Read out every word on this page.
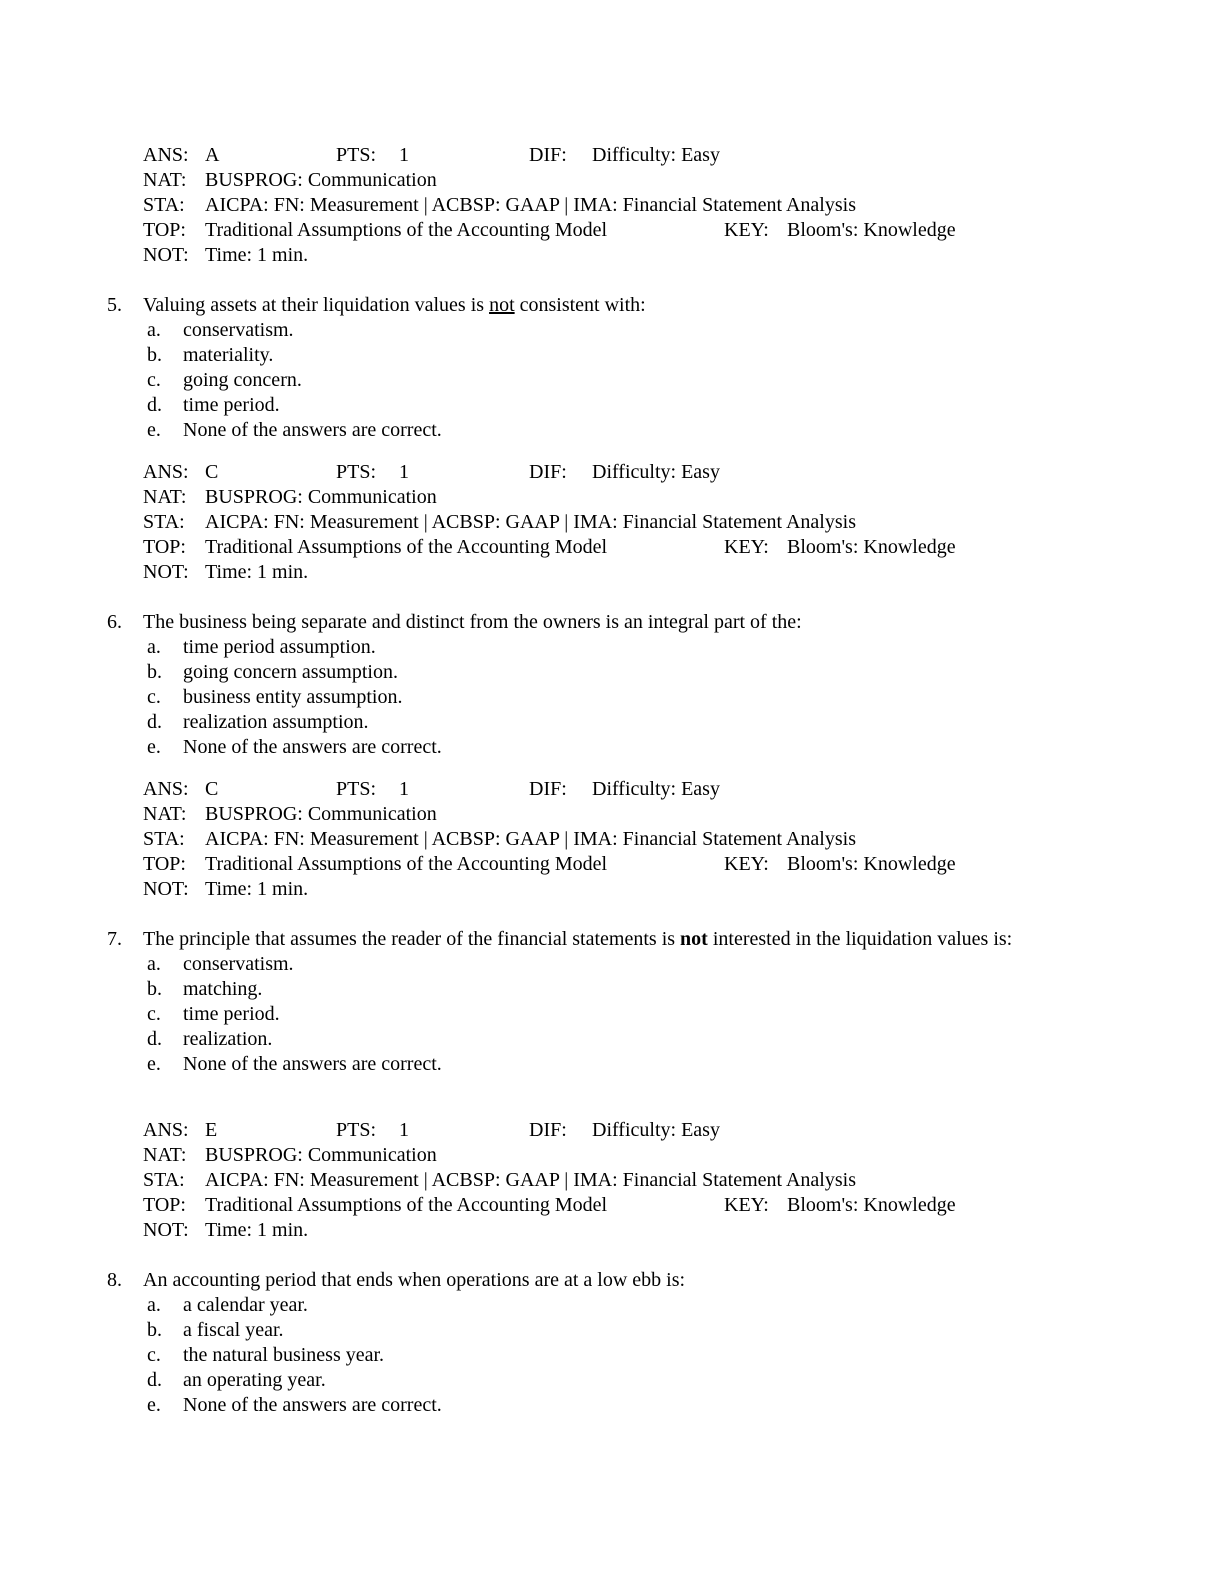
ANS: A	PTS: 1	DIF: Difficulty: Easy
NAT: BUSPROG: Communication
STA: AICPA: FN: Measurement | ACBSP: GAAP | IMA: Financial Statement Analysis
TOP: Traditional Assumptions of the Accounting Model	KEY: Bloom's: Knowledge
NOT: Time: 1 min.
5. Valuing assets at their liquidation values is not consistent with:
a. conservatism.
b. materiality.
c. going concern.
d. time period.
e. None of the answers are correct.
ANS: C	PTS: 1	DIF: Difficulty: Easy
NAT: BUSPROG: Communication
STA: AICPA: FN: Measurement | ACBSP: GAAP | IMA: Financial Statement Analysis
TOP: Traditional Assumptions of the Accounting Model	KEY: Bloom's: Knowledge
NOT: Time: 1 min.
6. The business being separate and distinct from the owners is an integral part of the:
a. time period assumption.
b. going concern assumption.
c. business entity assumption.
d. realization assumption.
e. None of the answers are correct.
ANS: C	PTS: 1	DIF: Difficulty: Easy
NAT: BUSPROG: Communication
STA: AICPA: FN: Measurement | ACBSP: GAAP | IMA: Financial Statement Analysis
TOP: Traditional Assumptions of the Accounting Model	KEY: Bloom's: Knowledge
NOT: Time: 1 min.
7. The principle that assumes the reader of the financial statements is not interested in the liquidation values is:
a. conservatism.
b. matching.
c. time period.
d. realization.
e. None of the answers are correct.
ANS: E	PTS: 1	DIF: Difficulty: Easy
NAT: BUSPROG: Communication
STA: AICPA: FN: Measurement | ACBSP: GAAP | IMA: Financial Statement Analysis
TOP: Traditional Assumptions of the Accounting Model	KEY: Bloom's: Knowledge
NOT: Time: 1 min.
8. An accounting period that ends when operations are at a low ebb is:
a. a calendar year.
b. a fiscal year.
c. the natural business year.
d. an operating year.
e. None of the answers are correct.
